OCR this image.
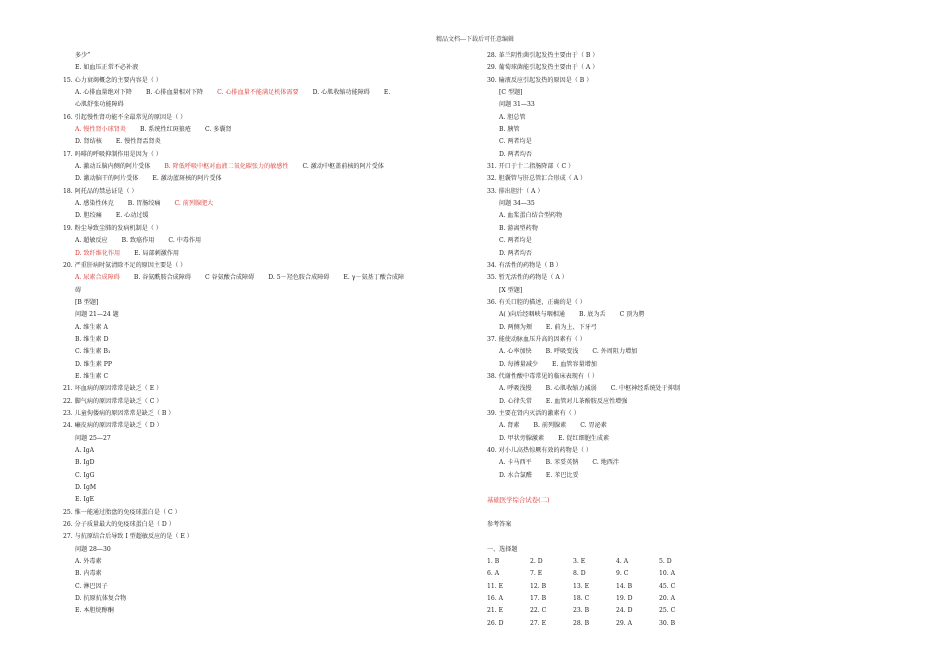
精品文档---下载后可任意编辑
多少”
E. 如血压正常不必补液
15. 心力衰竭概念的主要内容是（ ）
A. 心排血量绝对下降 B. 心排血量相对下降 C. 心排血量不能满足机体需要 D. 心肌收缩功能障碍 E.
心肌舒张功能障碍
16. 引起慢性肾功能不全最常见的原因是（ ）
A. 慢性肾小球肾炎 B. 系统性红斑狼疮 C. 多囊肾
D. 肾结核 E. 慢性肾盂肾炎
17. 吗啡的呼吸抑制作用是因为（ ）
A. 激动丘脑内侧的阿片受体 B. 降低呼吸中枢对血液二氧化碳张力的敏感性 C. 激动中枢盖前核的阿片受体
D. 激动脑干的阿片受体 E. 激动蓝斑核的阿片受体
18. 阿托品的禁忌证是（ ）
A. 感染性休克 B. 胃肠绞痛 C. 前列腺肥大
D. 胆绞痛 E. 心动过缓
19. 粉尘导致尘肺的发病机制是（ ）
A. 超敏反应 B. 致癌作用 C. 中毒作用
D. 致纤维化作用 E. 局部刺激作用
20. 严重肝病时氨清除不足的原因主要是（ ）
A. 尿素合成障碍 B. 谷氨酰胺合成障碍 C 谷氨酸合成障碍 D. 5－羟色胺合成障碍 E. γ－氨基丁酸合成障
碍
[B 型题]
问题 21—24 题
A. 维生素 A
B. 维生素 D
C. 维生素 B₁
D. 维生素 PP
E. 维生素 C
21. 坏血病的原因常常是缺乏（ E ）
22. 脚气病的原因常常是缺乏（ C ）
23. 儿童佝偻病的原因常常是缺乏（ B ）
24. 癞皮病的原因常常是缺乏（ D ）
问题 25—27
A. IgA
B. IgD
C. IgG
D. IgM
E. IgE
25. 惟一能通过胎盘的免疫球蛋白是（ C ）
26. 分子质量最大的免疫球蛋白是（ D ）
27. 与抗原结合后导致 I 型超敏反应的是（ E ）
问题 28—30
A. 外毒素
B. 内毒素
C. 淋巴因子
D. 抗原抗体复合物
E. 本胆烷醇酮
28. 革兰阴性菌引起发热主要由于（ B ）
29. 葡萄球菌能引起发热主要由于（ A ）
30. 输液反应引起发热的原因是（ B ）
[C 型题]
问题 31—33
A. 胆总管
B. 胰管
C. 两者均是
D. 两者均否
31. 开口于十二指肠降部（ C ）
32. 胆囊管与肝总管汇合形成（ A ）
33. 排出胆汁（ A ）
问题 34—35
A. 血浆蛋白结合型药物
B. 游离型药物
C. 两者均是
D. 两者均否
34. 有活性的药物是（ B ）
35. 暂无活性的药物是（ A ）
[X 型题]
36. 有关口腔的描述，正确的是（ ）
A( )向后经咽峡与咽相通 B. 底为舌 C 顶为腭
D. 两侧为颊 E. 前为上、下牙弓
37. 能使动脉血压升高的因素有（ ）
A. 心率加快 B. 呼吸变浅 C. 外周阻力增加
D. 每搏量减少 E. 血管容量增加
38. 代谢性酸中毒常见的临床表现有（ ）
A. 呼吸浅慢 B. 心肌收缩力减弱 C. 中枢神经系统处于抑制
D. 心律失常 E. 血管对儿茶酚胺反应性增强
39. 主要在肾内灭活的激素有（ ）
A. 肾素 B. 前列腺素 C. 胃泌素
D. 甲状旁腺激素 E. 促红细胞生成素
40. 对小儿高热惊厥有效的药物是（ ）
A. 卡马西平 B. 苯妥英钠 C. 地西泮
D. 水合氯醛 E. 苯巴比妥
基础医学综合试卷(二)
参考答案
一、选择题
1. B	2. D	3. E	4. A	5. D
6. A	7. E	8. D	9. C	10. A
11. E	12. B	13. E	14. B	45. C
16. A	17. B	18. C	19. D	20. A
21. E	22. C	23. B	24. D	25. C
26. D	27. E	28. B	29. A	30. B
